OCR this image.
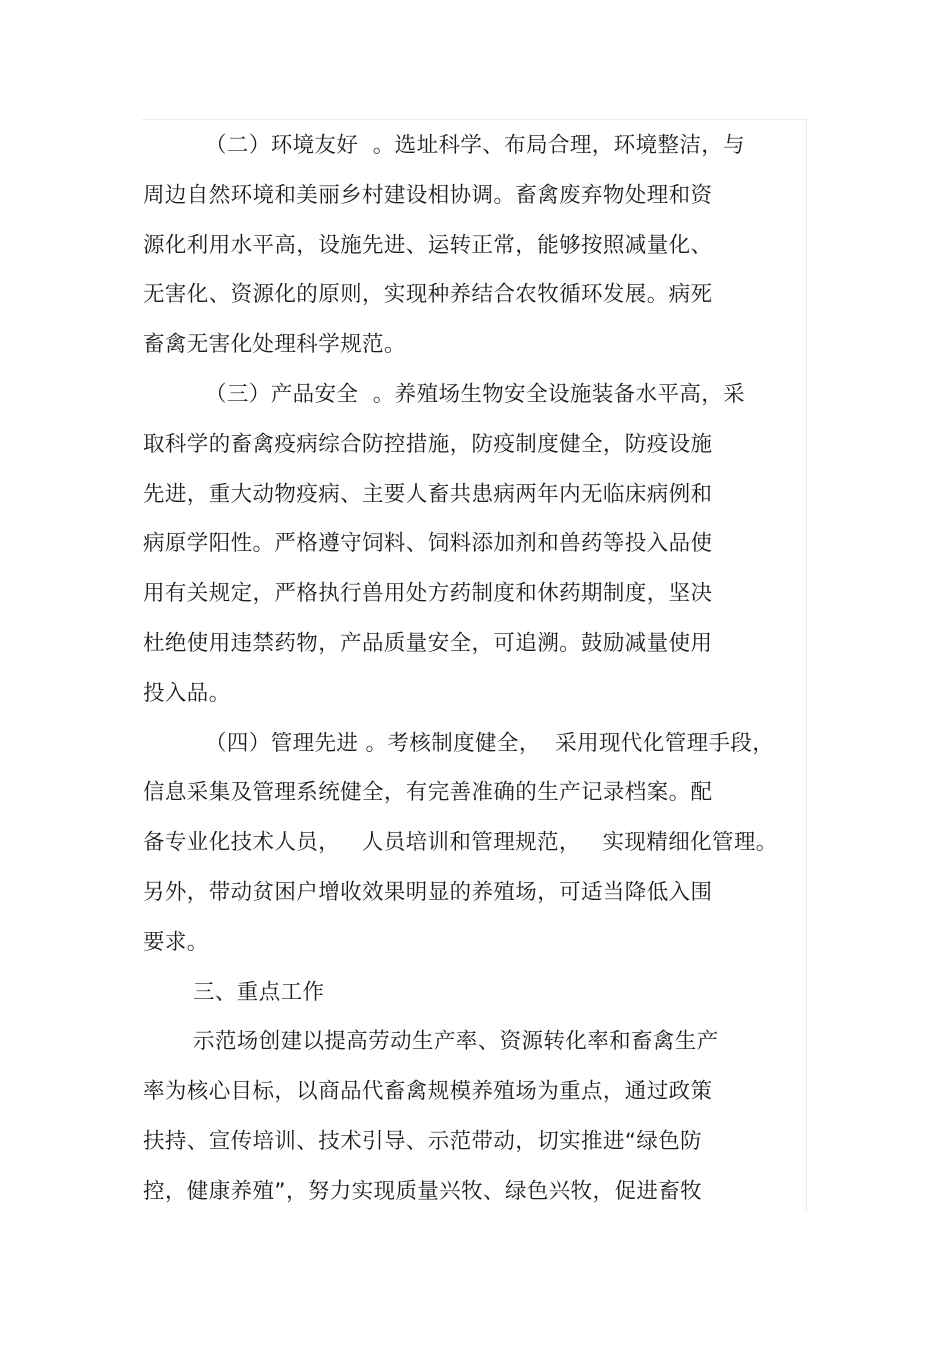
（二）环境友好  。选址科学、布局合理，环境整洁，与
周边自然环境和美丽乡村建设相协调。畜禽废弃物处理和资
源化利用水平高，设施先进、运转正常，能够按照减量化、
无害化、资源化的原则，实现种养结合农牧循环发展。病死
畜禽无害化处理科学规范。
（三）产品安全  。养殖场生物安全设施装备水平高，采
取科学的畜禽疫病综合防控措施，防疫制度健全，防疫设施
先进，重大动物疫病、主要人畜共患病两年内无临床病例和
病原学阳性。严格遵守饲料、饲料添加剂和兽药等投入品使
用有关规定，严格执行兽用处方药制度和休药期制度，坚决
杜绝使用违禁药物，产品质量安全，可追溯。鼓励减量使用
投入品。
（四）管理先进 。考核制度健全，  采用现代化管理手段，
信息采集及管理系统健全，有完善准确的生产记录档案。配
备专业化技术人员，   人员培训和管理规范，   实现精细化管理。
另外，带动贫困户增收效果明显的养殖场，可适当降低入围
要求。
三、重点工作
示范场创建以提高劳动生产率、资源转化率和畜禽生产
率为核心目标，以商品代畜禽规模养殖场为重点，通过政策
扶持、宣传培训、技术引导、示范带动，切实推进“绿色防
控，健康养殖”，努力实现质量兴牧、绿色兴牧，促进畜牧
